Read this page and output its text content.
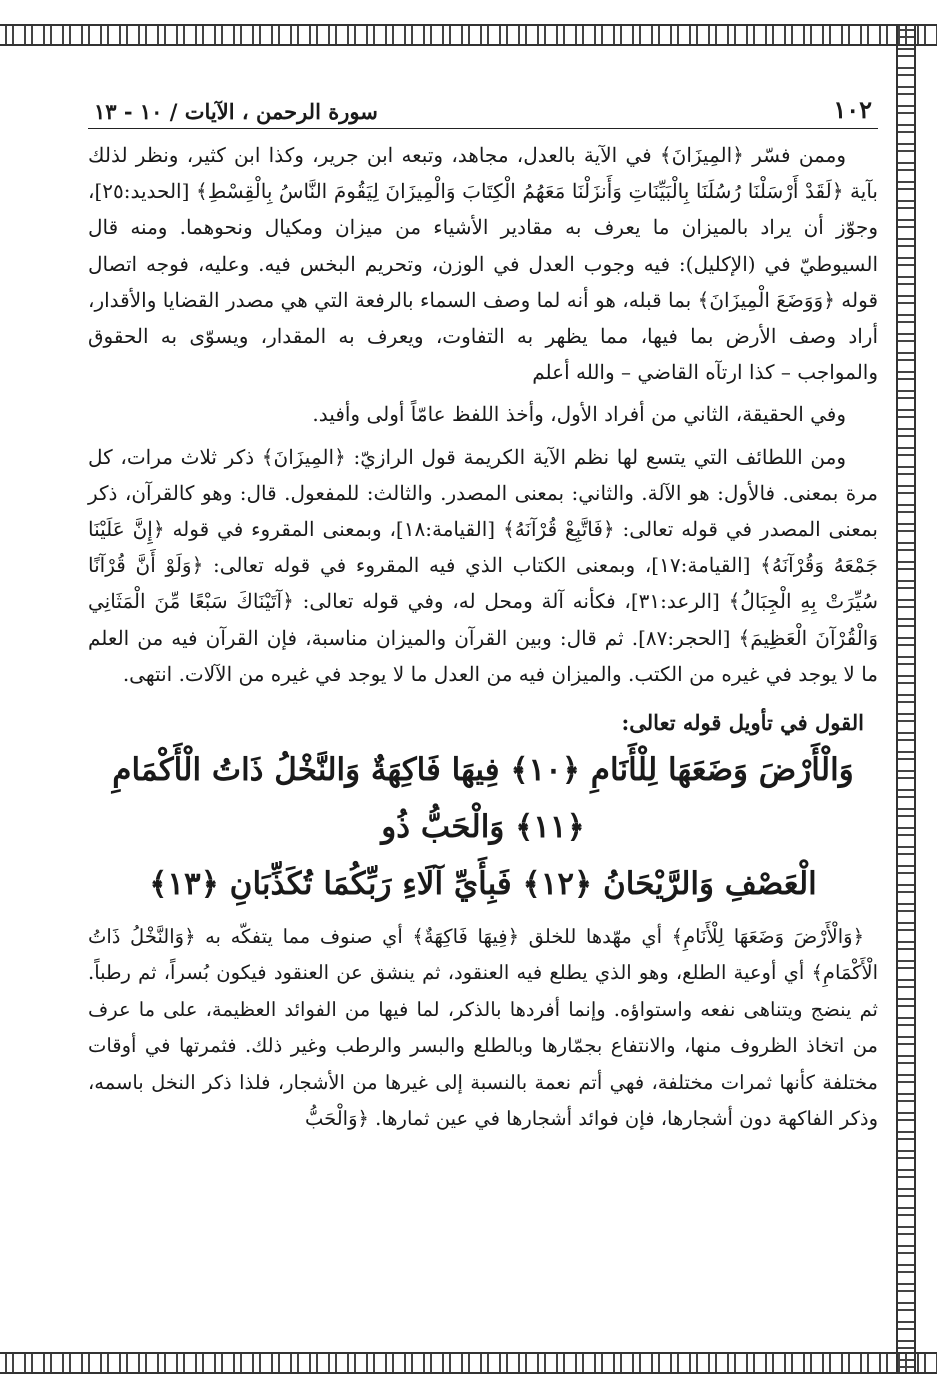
١٠٢
سورة الرحمن ، الآيات / ١٠ - ١٣

وممن فسّر ﴿المِيزَانَ﴾ في الآية بالعدل، مجاهد، وتبعه ابن جرير، وكذا ابن كثير، ونظر لذلك بآية ﴿لَقَدْ أَرْسَلْنَا رُسُلَنَا بِالْبَيِّنَاتِ وَأَنزَلْنَا مَعَهُمُ الْكِتَابَ وَالْمِيزَانَ لِيَقُومَ النَّاسُ بِالْقِسْطِ﴾ [الحديد:٢٥]، وجوّز أن يراد بالميزان ما يعرف به مقادير الأشياء من ميزان ومكيال ونحوهما. ومنه قال السيوطيّ في (الإكليل): فيه وجوب العدل في الوزن، وتحريم البخس فيه. وعليه، فوجه اتصال قوله ﴿وَوَضَعَ الْمِيزَانَ﴾ بما قبله، هو أنه لما وصف السماء بالرفعة التي هي مصدر القضايا والأقدار، أراد وصف الأرض بما فيها، مما يظهر به التفاوت، ويعرف به المقدار، ويسوّى به الحقوق والمواجب – كذا ارتآه القاضي – والله أعلم

وفي الحقيقة، الثاني من أفراد الأول، وأخذ اللفظ عامّاً أولى وأفيد.

ومن اللطائف التي يتسع لها نظم الآية الكريمة قول الرازيّ: ﴿المِيزَانَ﴾ ذكر ثلاث مرات، كل مرة بمعنى. فالأول: هو الآلة. والثاني: بمعنى المصدر. والثالث: للمفعول. قال: وهو كالقرآن، ذكر بمعنى المصدر في قوله تعالى: ﴿فَاتَّبِعْ قُرْآنَهُ﴾ [القيامة:١٨]، وبمعنى المقروء في قوله ﴿إِنَّ عَلَيْنَا جَمْعَهُ وَقُرْآنَهُ﴾ [القيامة:١٧]، وبمعنى الكتاب الذي فيه المقروء في قوله تعالى: ﴿وَلَوْ أَنَّ قُرْآنًا سُيِّرَتْ بِهِ الْجِبَالُ﴾ [الرعد:٣١]، فكأنه آلة ومحل له، وفي قوله تعالى: ﴿آتَيْنَاكَ سَبْعًا مِّنَ الْمَثَانِي وَالْقُرْآنَ الْعَظِيمَ﴾ [الحجر:٨٧]. ثم قال: وبين القرآن والميزان مناسبة، فإن القرآن فيه من العلم ما لا يوجد في غيره من الكتب. والميزان فيه من العدل ما لا يوجد في غيره من الآلات. انتهى.

القول في تأويل قوله تعالى:
وَالْأَرْضَ وَضَعَهَا لِلْأَنَامِ ﴿١٠﴾ فِيهَا فَاكِهَةٌ وَالنَّخْلُ ذَاتُ الْأَكْمَامِ ﴿١١﴾ وَالْحَبُّ ذُو
الْعَصْفِ وَالرَّيْحَانُ ﴿١٢﴾ فَبِأَيِّ آلَاءِ رَبِّكُمَا تُكَذِّبَانِ ﴿١٣﴾

﴿وَالْأَرْضَ وَضَعَهَا لِلْأَنَامِ﴾ أي مهّدها للخلق ﴿فِيهَا فَاكِهَةٌ﴾ أي صنوف مما يتفكّه به ﴿وَالنَّخْلُ ذَاتُ الْأَكْمَامِ﴾ أي أوعية الطلع، وهو الذي يطلع فيه العنقود، ثم ينشق عن العنقود فيكون بُسراً، ثم رطباً. ثم ينضج ويتناهى نفعه واستواؤه. وإنما أفردها بالذكر، لما فيها من الفوائد العظيمة، على ما عرف من اتخاذ الظروف منها، والانتفاع بجمّارها وبالطلع والبسر والرطب وغير ذلك. فثمرتها في أوقات مختلفة كأنها ثمرات مختلفة، فهي أتم نعمة بالنسبة إلى غيرها من الأشجار، فلذا ذكر النخل باسمه، وذكر الفاكهة دون أشجارها، فإن فوائد أشجارها في عين ثمارها. ﴿وَالْحَبُّ
